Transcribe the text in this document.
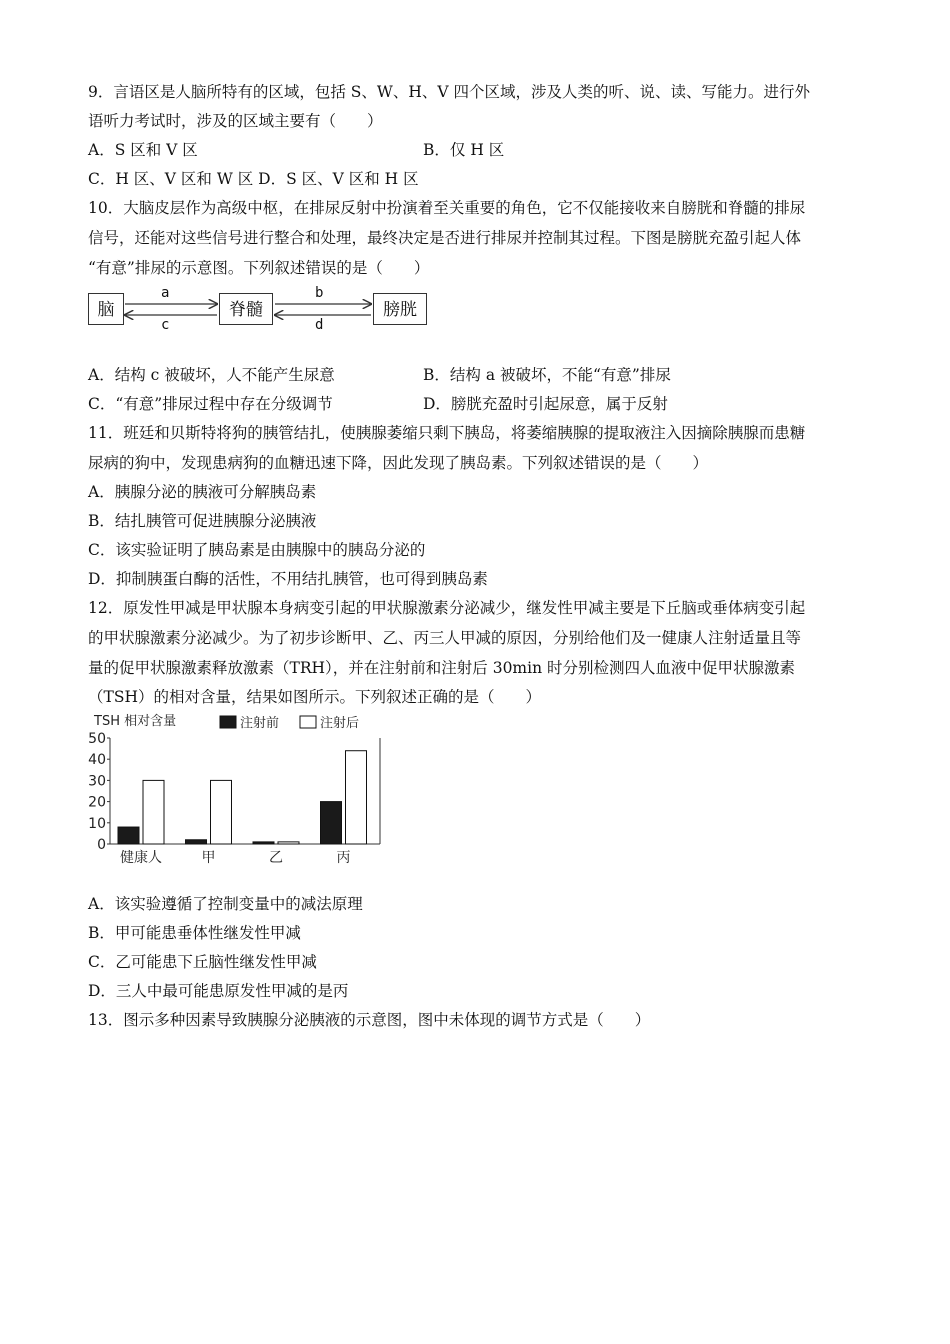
9．言语区是人脑所特有的区域，包括 S、W、H、V 四个区域，涉及人类的听、说、读、写能力。进行外
语听力考试时，涉及的区域主要有（　　）
A．S 区和 V 区	B．仅 H 区
C．H 区、V 区和 W 区 D．S 区、V 区和 H 区
10．大脑皮层作为高级中枢，在排尿反射中扮演着至关重要的角色，它不仅能接收来自膀胱和脊髓的排尿
信号，还能对这些信号进行整合和处理，最终决定是否进行排尿并控制其过程。下图是膀胱充盈引起人体
“有意”排尿的示意图。下列叙述错误的是（　　）
脑	脊髓	膀胱
a
c
b
d
A．结构 c 被破坏，人不能产生尿意	B．结构 a 被破坏，不能“有意”排尿
C．“有意”排尿过程中存在分级调节	D．膀胱充盈时引起尿意，属于反射
11．班廷和贝斯特将狗的胰管结扎，使胰腺萎缩只剩下胰岛，将萎缩胰腺的提取液注入因摘除胰腺而患糖
尿病的狗中，发现患病狗的血糖迅速下降，因此发现了胰岛素。下列叙述错误的是（　　）
A．胰腺分泌的胰液可分解胰岛素
B．结扎胰管可促进胰腺分泌胰液
C．该实验证明了胰岛素是由胰腺中的胰岛分泌的
D．抑制胰蛋白酶的活性，不用结扎胰管，也可得到胰岛素
12．原发性甲减是甲状腺本身病变引起的甲状腺激素分泌减少，继发性甲减主要是下丘脑或垂体病变引起
的甲状腺激素分泌减少。为了初步诊断甲、乙、丙三人甲减的原因，分别给他们及一健康人注射适量且等
量的促甲状腺激素释放激素（TRH），并在注射前和注射后 30min 时分别检测四人血液中促甲状腺激素
（TSH）的相对含量，结果如图所示。下列叙述正确的是（　　）
TSH 相对含量	注射前	注射后
50
40
30
20
10
0
健康人	甲	乙	丙
A．该实验遵循了控制变量中的减法原理
B．甲可能患垂体性继发性甲减
C．乙可能患下丘脑性继发性甲减
D．三人中最可能患原发性甲减的是丙
13．图示多种因素导致胰腺分泌胰液的示意图，图中未体现的调节方式是（　　）
